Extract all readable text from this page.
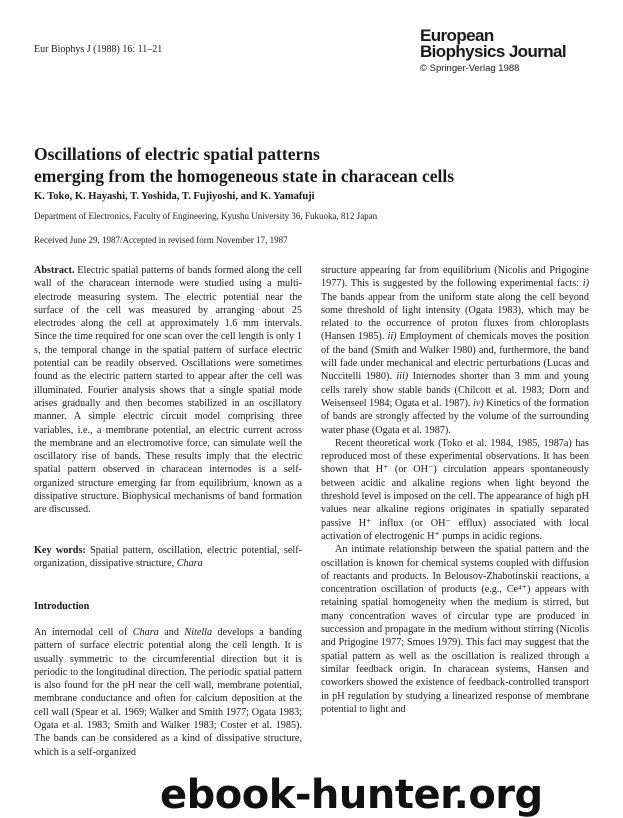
Eur Biophys J (1988) 16: 11–21
European
Biophysics Journal
© Springer-Verlag 1988
Oscillations of electric spatial patterns
emerging from the homogeneous state in characean cells
K. Toko, K. Hayashi, T. Yoshida, T. Fujiyoshi, and K. Yamafuji
Department of Electronics, Faculty of Engineering, Kyushu University 36, Fukuoka, 812 Japan
Received June 29, 1987/Accepted in revised form November 17, 1987

Abstract. Electric spatial patterns of bands formed along the cell wall of the characean internode were studied using a multi-electrode measuring system. The electric potential near the surface of the cell was measured by arranging about 25 electrodes along the cell at approximately 1.6 mm intervals. Since the time required for one scan over the cell length is only 1 s, the temporal change in the spatial pattern of surface electric potential can be readily observed. Oscillations were sometimes found as the electric pattern started to appear after the cell was illuminated. Fourier analysis shows that a single spatial mode arises gradually and then becomes stabilized in an oscillatory manner. A simple electric circuit model comprising three variables, i.e., a membrane potential, an electric current across the membrane and an electromotive force, can simulate well the oscillatory rise of bands. These results imply that the electric spatial pattern observed in characean internodes is a self-organized structure emerging far from equilibrium, known as a dissipative structure. Biophysical mechanisms of band formation are discussed.

Key words: Spatial pattern, oscillation, electric potential, self-organization, dissipative structure, Chara

Introduction

An internodal cell of Chara and Nitella develops a banding pattern of surface electric potential along the cell length. It is usually symmetric to the circumferential direction but it is periodic to the longitudinal direction. The periodic spatial pattern is also found for the pH near the cell wall, membrane potential, membrane conductance and often for calcium deposition at the cell wall (Spear et al. 1969; Walker and Smith 1977; Ogata 1983; Ogata et al. 1983; Smith and Walker 1983; Coster et al. 1985). The bands can be considered as a kind of dissipative structure, which is a self-organized

structure appearing far from equilibrium (Nicolis and Prigogine 1977). This is suggested by the following experimental facts: i) The bands appear from the uniform state along the cell beyond some threshold of light intensity (Ogata 1983), which may be related to the occurrence of proton fluxes from chloroplasts (Hansen 1985). ii) Employment of chemicals moves the position of the band (Smith and Walker 1980) and, furthermore, the band will fade under mechanical and electric perturbations (Lucas and Nuccitelli 1980). iii) Internodes shorter than 3 mm and young cells rarely show stable bands (Chilcott et al. 1983; Dorn and Weisenseel 1984; Ogata et al. 1987). iv) Kinetics of the formation of bands are strongly affected by the volume of the surrounding water phase (Ogata et al. 1987).

Recent theoretical work (Toko et al. 1984, 1985, 1987a) has reproduced most of these experimental observations. It has been shown that H⁺ (or OH⁻) circulation appears spontaneously between acidic and alkaline regions when light beyond the threshold level is imposed on the cell. The appearance of high pH values near alkaline regions originates in spatially separated passive H⁺ influx (or OH⁻ efflux) associated with local activation of electrogenic H⁺ pumps in acidic regions.

An intimate relationship between the spatial pattern and the oscillation is known for chemical systems coupled with diffusion of reactants and products. In Belousov-Zhabotinskii reactions, a concentration oscillation of products (e.g., Ce⁴⁺) appears with retaining spatial homogeneity when the medium is stirred, but many concentration waves of circular type are produced in succession and propagate in the medium without stirring (Nicolis and Prigogine 1977; Smoes 1979). This fact may suggest that the spatial pattern as well as the oscillation is realized through a similar feedback origin. In characean systems, Hansen and coworkers showed the existence of feedback-controlled transport in pH regulation by studying a linearized response of membrane potential to light and

ebook-hunter.org
